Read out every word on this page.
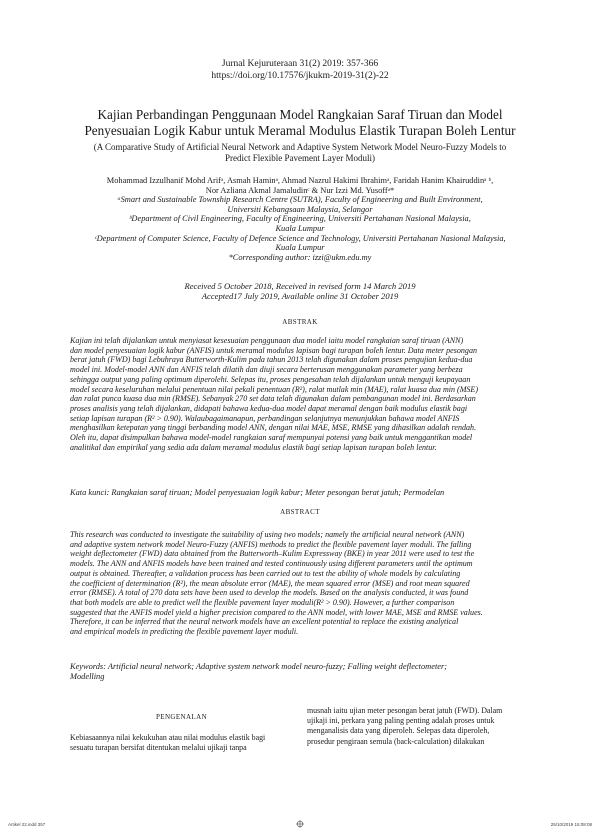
Jurnal Kejuruteraan 31(2) 2019: 357-366
https://doi.org/10.17576/jkukm-2019-31(2)-22
Kajian Perbandingan Penggunaan Model Rangkaian Saraf Tiruan dan Model
Penyesuaian Logik Kabur untuk Meramal Modulus Elastik Turapan Boleh Lentur
(A Comparative Study of Artificial Neural Network and Adaptive System Network Model Neuro-Fuzzy Models to
Predict Flexible Pavement Layer Moduli)
Mohammad Izzulhanif Mohd Arifᵃ, Asmah Haminᵃ, Ahmad Nazrul Hakimi Ibrahimᵃ, Faridah Hanim Khairuddinᵃ ᵇ,
Nor Azliana Akmal Jamaludinᶜ & Nur Izzi Md. Yusoffᵃ*
ᵃSmart and Sustainable Township Research Centre (SUTRA), Faculty of Engineering and Built Environment,
Universiti Kebangsaan Malaysia, Selangor
ᵇDepartment of Civil Engineering, Faculty of Engineering, Universiti Pertahanan Nasional Malaysia,
Kuala Lumpur
ᶜDepartment of Computer Science, Faculty of Defence Science and Technology, Universiti Pertahanan Nasional Malaysia,
Kuala Lumpur
*Corresponding author: izzi@ukm.edu.my
Received 5 October 2018, Received in revised form 14 March 2019
Accepted17 July 2019, Available online 31 October 2019
ABSTRAK
Kajian ini telah dijalankan untuk menyiasat kesesuaian penggunaan dua model iaitu model rangkaian saraf tiruan (ANN)
dan model penyesuaian logik kabur (ANFIS) untuk meramal modulus lapisan bagi turapan boleh lentur. Data meter pesongan
berat jatuh (FWD) bagi Lebuhraya Butterworth-Kulim pada tahun 2013 telah digunakan dalam proses pengujian kedua-dua
model ini. Model-model ANN dan ANFIS telah dilatih dan diuji secara berterusan menggunakan parameter yang berbeza
sehingga output yang paling optimum diperolehi. Selepas itu, proses pengesahan telah dijalankan untuk menguji keupayaan
model secara keseluruhan melalui penentuan nilai pekali penentuan (R²), ralat mutlak min (MAE), ralat kuasa dua min (MSE)
dan ralat punca kuasa dua min (RMSE). Sebanyak 270 set data telah digunakan dalam pembangunan model ini. Berdasarkan
proses analisis yang telah dijalankan, didapati bahawa kedua-dua model dapat meramal dengan baik modulus elastik bagi
setiap lapisan turapan (R² > 0.90). Walaubagaimanapun, perbandingan selanjutnya menunjukkan bahawa model ANFIS
menghasilkan ketepatan yang tinggi berbanding model ANN, dengan nilai MAE, MSE, RMSE yang dihasilkan adalah rendah.
Oleh itu, dapat disimpulkan bahawa model-model rangkaian saraf mempunyai potensi yang baik untuk menggantikan model
analitikal dan empirikal yang sedia ada dalam meramal modulus elastik bagi setiap lapisan turapan boleh lentur.
Kata kunci: Rangkaian saraf tiruan; Model penyesuaian logik kabur; Meter pesongan berat jatuh; Permodelan
ABSTRACT
This research was conducted to investigate the suitability of using two models; namely the artificial neural network (ANN)
and adaptive system network model Neuro-Fuzzy (ANFIS) methods to predict the flexible pavement layer moduli. The falling
weight deflectometer (FWD) data obtained from the Butterworth–Kulim Expressway (BKE) in year 2011 were used to test the
models. The ANN and ANFIS models have been trained and tested continuously using different parameters until the optimum
output is obtained. Thereafter, a validation process has been carried out to test the ability of whole models by calculating
the coefficient of determination (R²), the mean absolute error (MAE), the mean squared error (MSE) and root mean squared
error (RMSE). A total of 270 data sets have been used to develop the models. Based on the analysis conducted, it was found
that both models are able to predict well the flexible pavement layer moduli(R² > 0.90). However, a further comparison
suggested that the ANFIS model yield a higher precision compared to the ANN model, with lower MAE, MSE and RMSE values.
Therefore, it can be inferred that the neural network models have an excellent potential to replace the existing analytical
and empirical models in predicting the flexible pavement layer moduli.
Keywords: Artificial neural network; Adaptive system network model neuro-fuzzy; Falling weight deflectometer;
Modelling
PENGENALAN
Kebiasaannya nilai kekukuhan atau nilai modulus elastik bagi
sesuatu turapan bersifat ditentukan melalui ujikaji tanpa
musnah iaitu ujian meter pesongan berat jatuh (FWD). Dalam
ujikaji ini, perkara yang paling penting adalah proses untuk
menganalisis data yang diperoleh. Selepas data diperoleh,
prosedur pengiraan semula (back-calculation) dilakukan
Artikel 22.indd 357	25/10/2019 15:08:08
